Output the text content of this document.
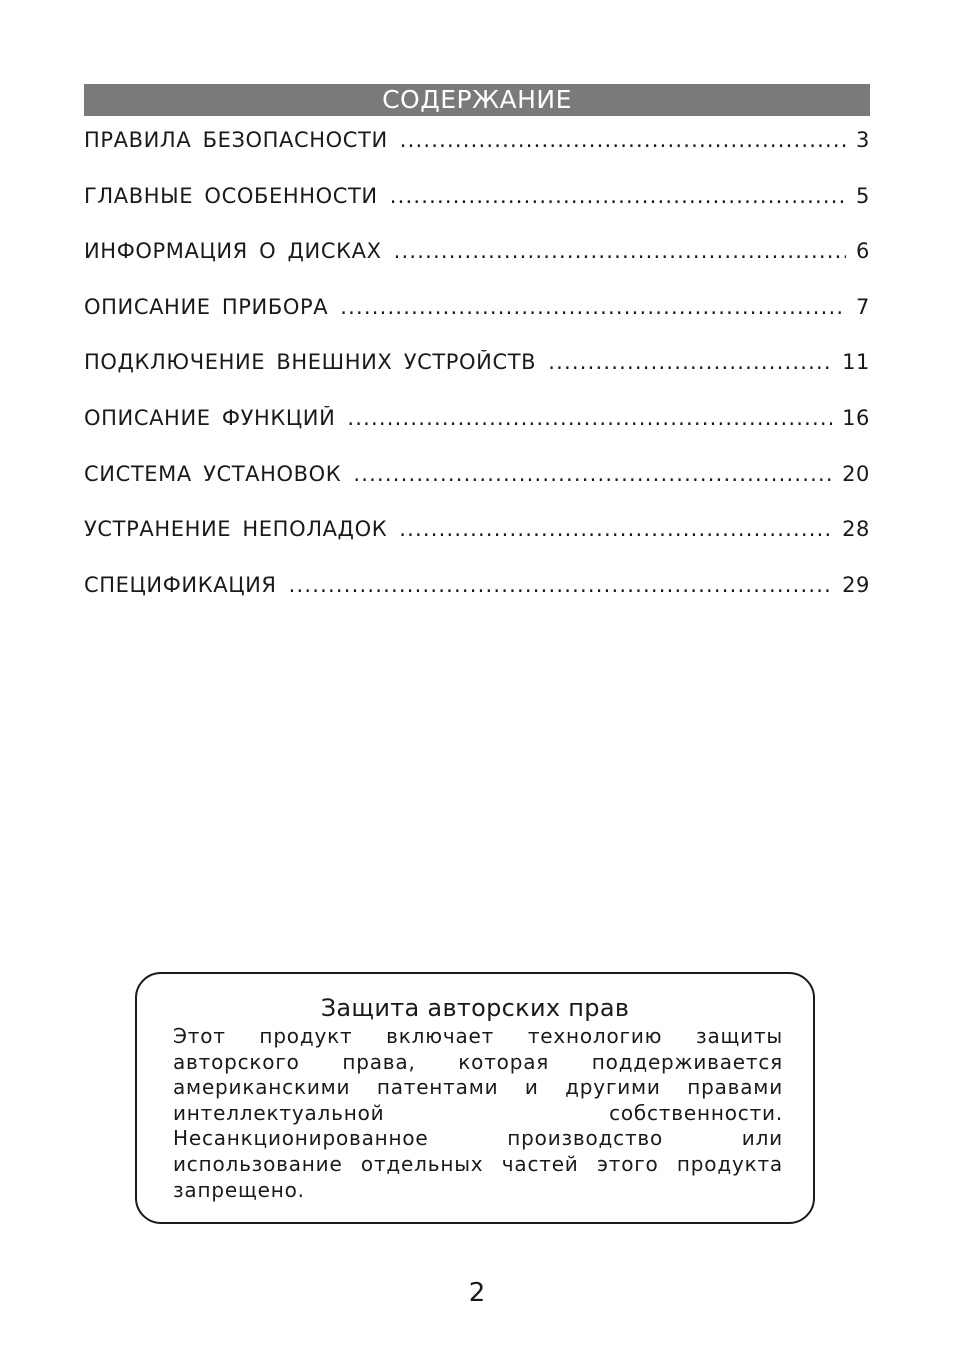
СОДЕРЖАНИЕ
ПРАВИЛА БЕЗОПАСНОСТИ .....	3
ГЛАВНЫЕ ОСОБЕННОСТИ .....	5
ИНФОРМАЦИЯ О ДИСКАХ .....	6
ОПИСАНИЕ ПРИБОРА .....	7
ПОДКЛЮЧЕНИЕ ВНЕШНИХ УСТРОЙСТВ .....	11
ОПИСАНИЕ ФУНКЦИЙ .....	16
СИСТЕМА УСТАНОВОК .....	20
УСТРАНЕНИЕ НЕПОЛАДОК .....	28
СПЕЦИФИКАЦИЯ .....	29
Защита авторских прав

Этот продукт включает технологию защиты авторского права, которая поддерживается американскими патентами и другими правами интеллектуальной собственности. Несанкционированное производство или использование отдельных частей этого продукта запрещено.

2
